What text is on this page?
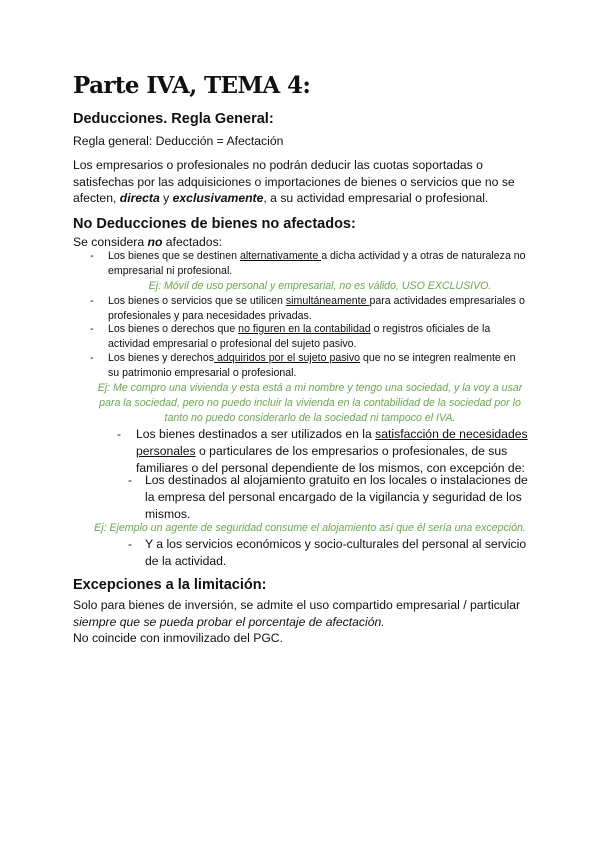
Parte IVA, TEMA 4:
Deducciones. Regla General:

Regla general: Deducción = Afectación

Los empresarios o profesionales no podrán deducir las cuotas soportadas o

satisfechas por las adquisiciones o importaciones de bienes o servicios que no se

afecten, directa y exclusivamente, a su actividad empresarial o profesional.

No Deducciones de bienes no afectados:

Se considera no afectados:

- Los bienes que se destinen alternativamente a dicha actividad y a otras de naturaleza no empresarial ni profesional.

Ej: Móvil de uso personal y empresarial, no es válido, USO EXCLUSIVO.

- Los bienes o servicios que se utilicen simultáneamente para actividades empresariales o profesionales y para necesidades privadas.

- Los bienes o derechos que no figuren en la contabilidad o registros oficiales de la actividad empresarial o profesional del sujeto pasivo.

- Los bienes y derechos adquiridos por el sujeto pasivo que no se integren realmente en su patrimonio empresarial o profesional.

Ej: Me compro una vivienda y esta está a mi nombre y tengo una sociedad, y la voy a usar

para la sociedad, pero no puedo incluir la vivienda en la contabilidad de la sociedad por lo

tanto no puedo considerarlo de la sociedad ni tampoco el IVA.

- Los bienes destinados a ser utilizados en la satisfacción de necesidades personales o particulares de los empresarios o profesionales, de sus familiares o del personal dependiente de los mismos, con excepción de:

- Los destinados al alojamiento gratuito en los locales o instalaciones de la empresa del personal encargado de la vigilancia y seguridad de los mismos.

Ej: Ejemplo un agente de seguridad consume el alojamiento así que él sería una excepción.

- Y a los servicios económicos y socio-culturales del personal al servicio de la actividad.

Excepciones a la limitación:

Solo para bienes de inversión, se admite el uso compartido empresarial / particular

siempre que se pueda probar el porcentaje de afectación.

No coincide con inmovilizado del PGC.
